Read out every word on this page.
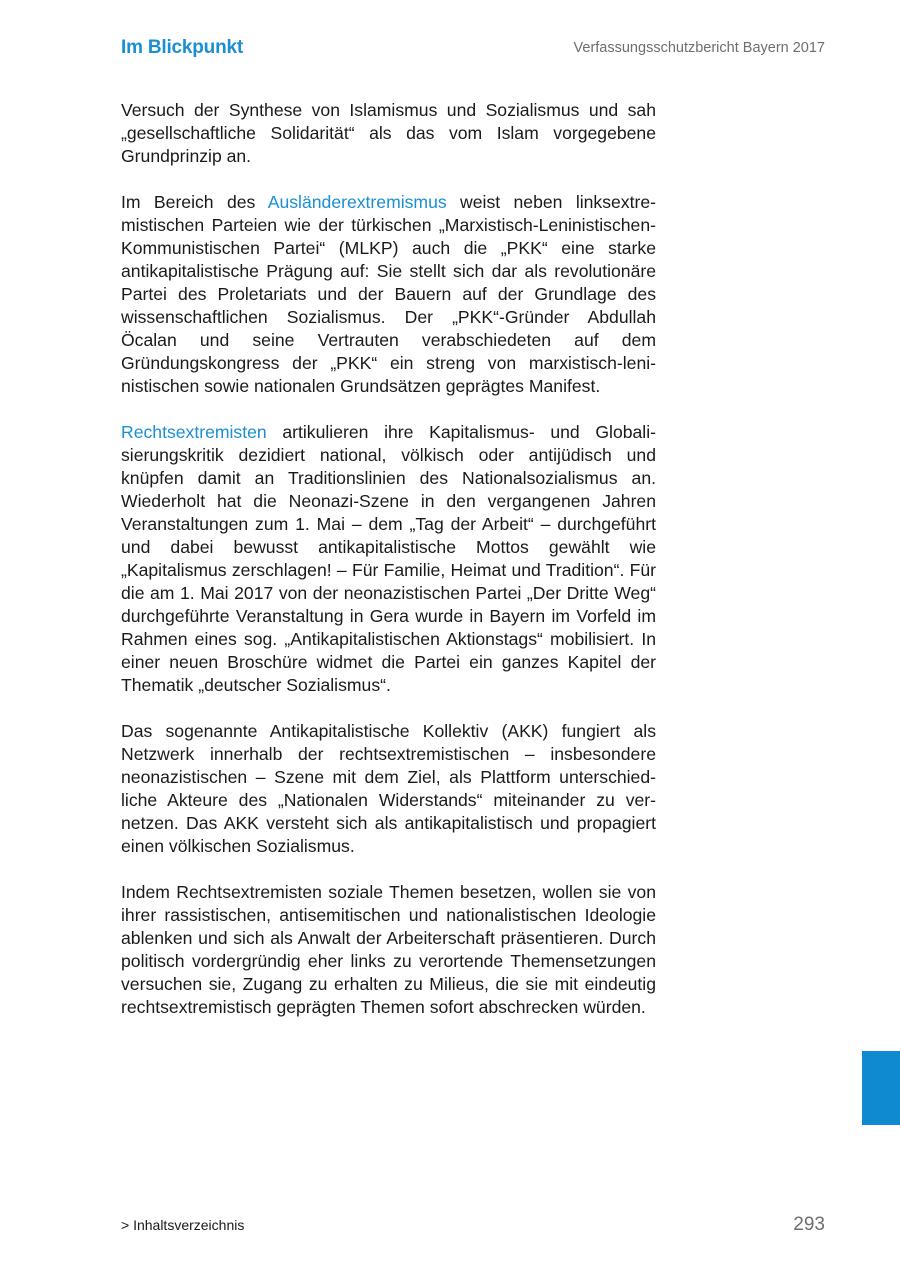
Im Blickpunkt	Verfassungsschutzbericht Bayern 2017

Versuch der Synthese von Islamismus und Sozialismus und sah „gesellschaftliche Solidarität“ als das vom Islam vorgegebene Grundprinzip an.

Im Bereich des Ausländerextremismus weist neben linksextremistischen Parteien wie der türkischen „Marxistisch-Leninistischen-Kommunistischen Partei“ (MLKP) auch die „PKK“ eine starke antikapitalistische Prägung auf: Sie stellt sich dar als revolutionäre Partei des Proletariats und der Bauern auf der Grundlage des wissenschaftlichen Sozialismus. Der „PKK“-Gründer Abdullah Öcalan und seine Vertrauten verabschiedeten auf dem Gründungskongress der „PKK“ ein streng von marxistisch-leninistischen sowie nationalen Grundsätzen geprägtes Manifest.

Rechtsextremisten artikulieren ihre Kapitalismus- und Globalisierungskritik dezidiert national, völkisch oder antijüdisch und knüpfen damit an Traditionslinien des Nationalsozialismus an. Wiederholt hat die Neonazi-Szene in den vergangenen Jahren Veranstaltungen zum 1. Mai – dem „Tag der Arbeit“ – durchgeführt und dabei bewusst antikapitalistische Mottos gewählt wie „Kapitalismus zerschlagen! – Für Familie, Heimat und Tradition“. Für die am 1. Mai 2017 von der neonazistischen Partei „Der Dritte Weg“ durchgeführte Veranstaltung in Gera wurde in Bayern im Vorfeld im Rahmen eines sog. „Antikapitalistischen Aktionstags“ mobilisiert. In einer neuen Broschüre widmet die Partei ein ganzes Kapitel der Thematik „deutscher Sozialismus“.

Das sogenannte Antikapitalistische Kollektiv (AKK) fungiert als Netzwerk innerhalb der rechtsextremistischen – insbesondere neonazistischen – Szene mit dem Ziel, als Plattform unterschiedliche Akteure des „Nationalen Widerstands“ miteinander zu vernetzen. Das AKK versteht sich als antikapitalistisch und propagiert einen völkischen Sozialismus.

Indem Rechtsextremisten soziale Themen besetzen, wollen sie von ihrer rassistischen, antisemitischen und nationalistischen Ideologie ablenken und sich als Anwalt der Arbeiterschaft präsentieren. Durch politisch vordergründig eher links zu verortende Themensetzungen versuchen sie, Zugang zu erhalten zu Milieus, die sie mit eindeutig rechtsextremistisch geprägten Themen sofort abschrecken würden.

> Inhaltsverzeichnis	293
